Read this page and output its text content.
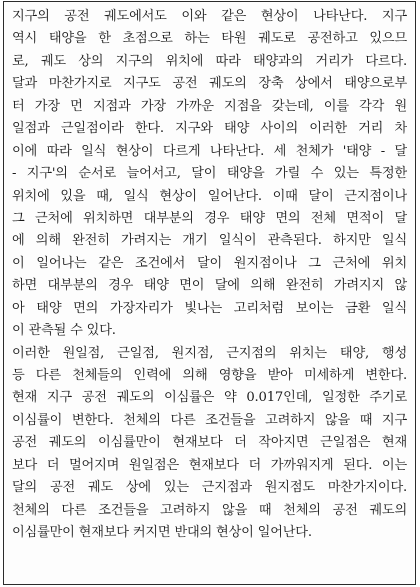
지구의 공전 궤도에서도 이와 같은 현상이 나타난다. 지구
역시 태양을 한 초점으로 하는 타원 궤도로 공전하고 있으므
로, 궤도 상의 지구의 위치에 따라 태양과의 거리가 다르다.
달과 마찬가지로 지구도 공전 궤도의 장축 상에서 태양으로부
터 가장 먼 지점과 가장 가까운 지점을 갖는데, 이를 각각 원
일점과 근일점이라 한다. 지구와 태양 사이의 이러한 거리 차
이에 따라 일식 현상이 다르게 나타난다. 세 천체가 '태양 - 달
- 지구'의 순서로 늘어서고, 달이 태양을 가릴 수 있는 특정한
위치에 있을 때, 일식 현상이 일어난다. 이때 달이 근지점이나
그 근처에 위치하면 대부분의 경우 태양 면의 전체 면적이 달
에 의해 완전히 가려지는 개기 일식이 관측된다. 하지만 일식
이 일어나는 같은 조건에서 달이 원지점이나 그 근처에 위치
하면 대부분의 경우 태양 면이 달에 의해 완전히 가려지지 않
아 태양 면의 가장자리가 빛나는 고리처럼 보이는 금환 일식
이 관측될 수 있다.
이러한 원일점, 근일점, 원지점, 근지점의 위치는 태양, 행성
등 다른 천체들의 인력에 의해 영향을 받아 미세하게 변한다.
현재 지구 공전 궤도의 이심률은 약 0.017인데, 일정한 주기로
이심률이 변한다. 천체의 다른 조건들을 고려하지 않을 때 지구
공전 궤도의 이심률만이 현재보다 더 작아지면 근일점은 현재
보다 더 멀어지며 원일점은 현재보다 더 가까워지게 된다. 이는
달의 공전 궤도 상에 있는 근지점과 원지점도 마찬가지이다.
천체의 다른 조건들을 고려하지 않을 때 천체의 공전 궤도의
이심률만이 현재보다 커지면 반대의 현상이 일어난다.
